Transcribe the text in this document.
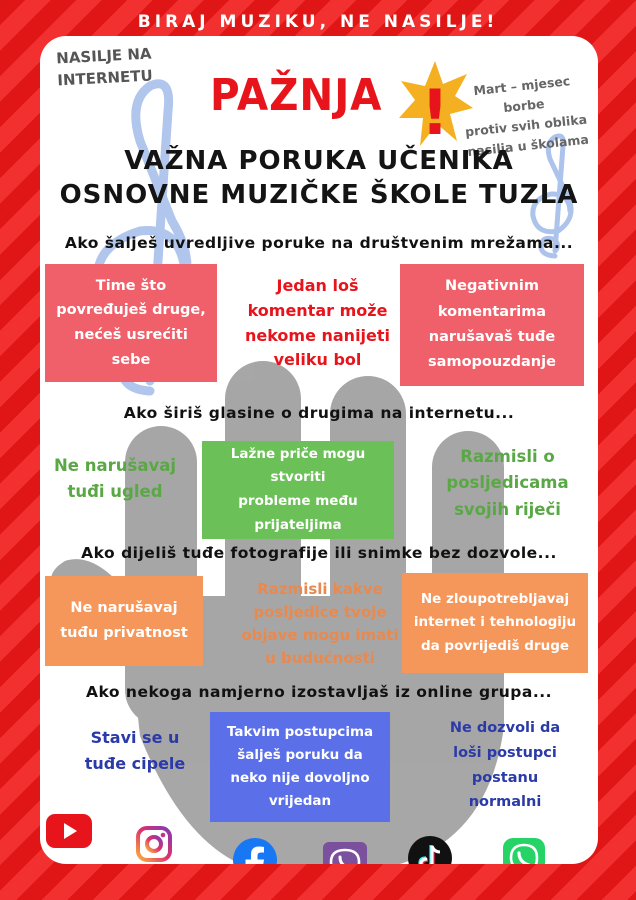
BIRAJ MUZIKU, NE NASILJE!
NASILJE NA
INTERNETU	Mart – mjesec borbe
protiv svih oblika
nasilja u školama
PAŽNJA !
VAŽNA PORUKA UČENIKA
OSNOVNE MUZIČKE ŠKOLE TUZLA
Ako šalješ uvredljive poruke na društvenim mrežama...
Time što
povređuješ druge,
nećeš usrećiti
sebe
Jedan loš
komentar može
nekome nanijeti
veliku bol
Negativnim
komentarima
narušavaš tuđe
samopouzdanje
Ako širiš glasine o drugima na internetu...
Ne narušavaj
tuđi ugled
Lažne priče mogu stvoriti
probleme među
prijateljima
Razmisli o
posljedicama
svojih riječi
Ako dijeliš tuđe fotografije ili snimke bez dozvole...
Ne narušavaj
tuđu privatnost
Razmisli kakve
posljedice tvoje
objave mogu imati
u budućnosti
Ne zloupotrebljavaj
internet i tehnologiju
da povrijediš druge
Ako nekoga namjerno izostavljaš iz online grupa...
Stavi se u
tuđe cipele
Takvim postupcima
šalješ poruku da
neko nije dovoljno
vrijedan
Ne dozvoli da
loši postupci
postanu
normalni
